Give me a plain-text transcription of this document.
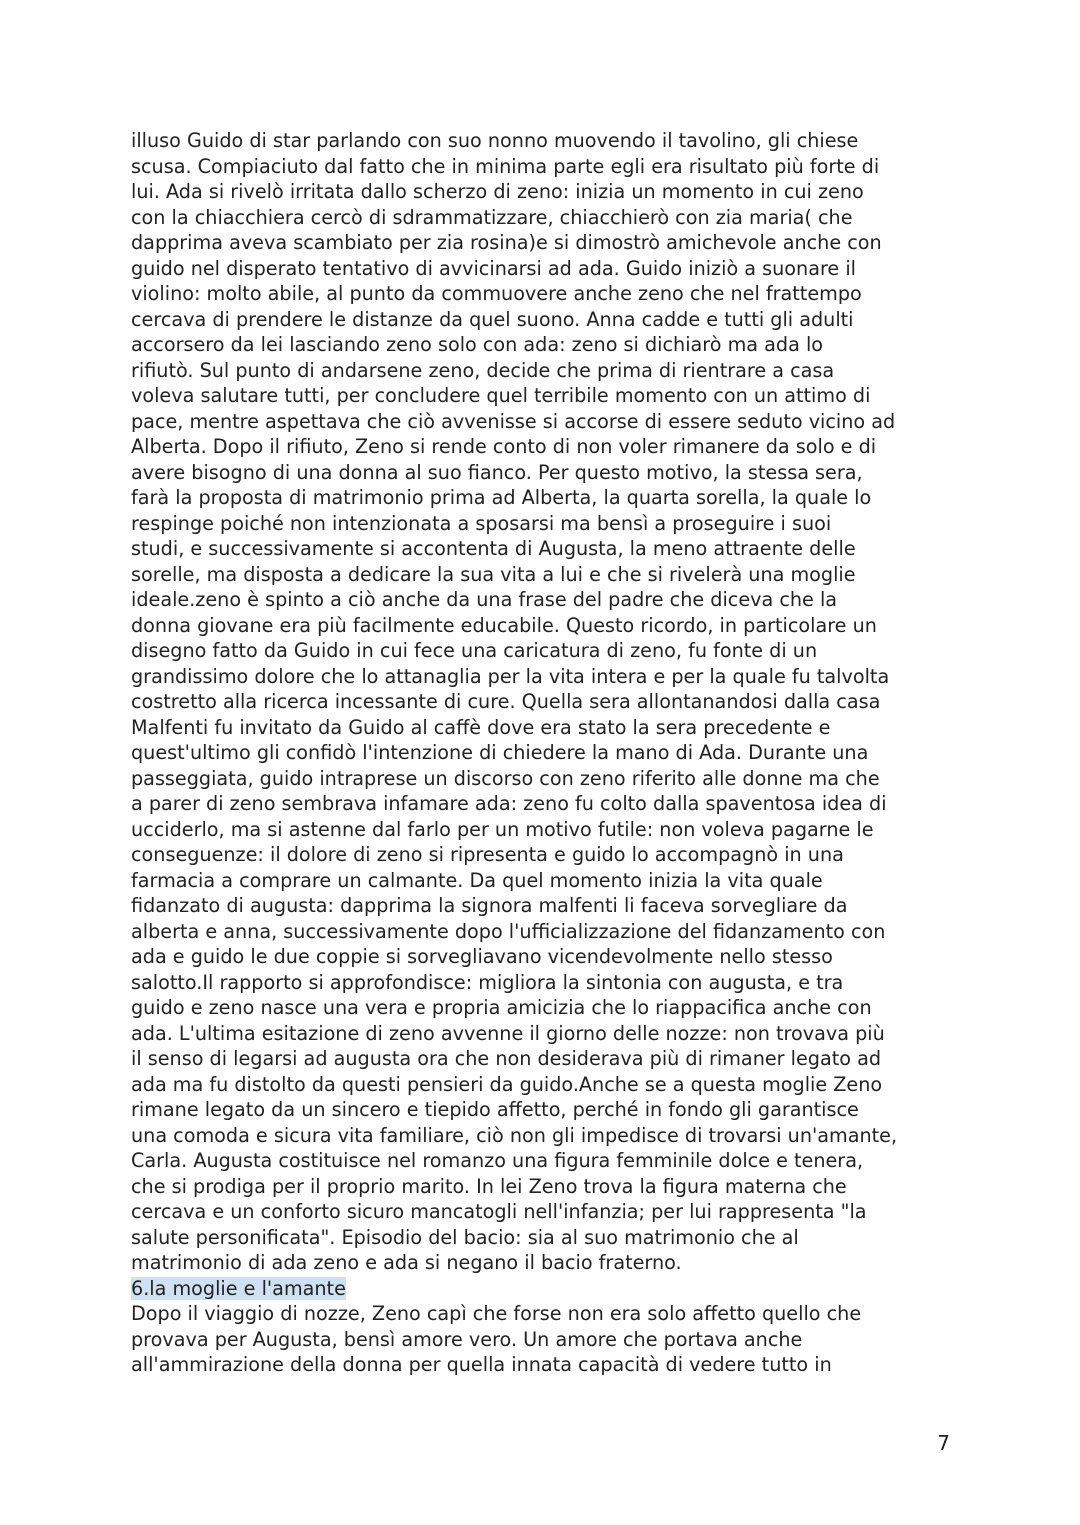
illuso Guido di star parlando con suo nonno muovendo il tavolino, gli chiese
scusa. Compiaciuto dal fatto che in minima parte egli era risultato più forte di
lui. Ada si rivelò irritata dallo scherzo di zeno: inizia un momento in cui zeno
con la chiacchiera cercò di sdrammatizzare, chiacchierò con zia maria( che
dapprima aveva scambiato per zia rosina)e si dimostrò amichevole anche con
guido nel disperato tentativo di avvicinarsi ad ada. Guido iniziò a suonare il
violino: molto abile, al punto da commuovere anche zeno che nel frattempo
cercava di prendere le distanze da quel suono. Anna cadde e tutti gli adulti
accorsero da lei lasciando zeno solo con ada: zeno si dichiarò ma ada lo
rifiutò. Sul punto di andarsene zeno, decide che prima di rientrare a casa
voleva salutare tutti, per concludere quel terribile momento con un attimo di
pace, mentre aspettava che ciò avvenisse si accorse di essere seduto vicino ad
Alberta. Dopo il rifiuto, Zeno si rende conto di non voler rimanere da solo e di
avere bisogno di una donna al suo fianco. Per questo motivo, la stessa sera,
farà la proposta di matrimonio prima ad Alberta, la quarta sorella, la quale lo
respinge poiché non intenzionata a sposarsi ma bensì a proseguire i suoi
studi, e successivamente si accontenta di Augusta, la meno attraente delle
sorelle, ma disposta a dedicare la sua vita a lui e che si rivelerà una moglie
ideale.zeno è spinto a ciò anche da una frase del padre che diceva che la
donna giovane era più facilmente educabile. Questo ricordo, in particolare un
disegno fatto da Guido in cui fece una caricatura di zeno, fu fonte di un
grandissimo dolore che lo attanaglia per la vita intera e per la quale fu talvolta
costretto alla ricerca incessante di cure. Quella sera allontanandosi dalla casa
Malfenti fu invitato da Guido al caffè dove era stato la sera precedente e
quest'ultimo gli confidò l'intenzione di chiedere la mano di Ada. Durante una
passeggiata, guido intraprese un discorso con zeno riferito alle donne ma che
a parer di zeno sembrava infamare ada: zeno fu colto dalla spaventosa idea di
ucciderlo, ma si astenne dal farlo per un motivo futile: non voleva pagarne le
conseguenze: il dolore di zeno si ripresenta e guido lo accompagnò in una
farmacia a comprare un calmante. Da quel momento inizia la vita quale
fidanzato di augusta: dapprima la signora malfenti li faceva sorvegliare da
alberta e anna, successivamente dopo l'ufficializzazione del fidanzamento con
ada e guido le due coppie si sorvegliavano vicendevolmente nello stesso
salotto.Il rapporto si approfondisce: migliora la sintonia con augusta, e tra
guido e zeno nasce una vera e propria amicizia che lo riappacifica anche con
ada. L'ultima esitazione di zeno avvenne il giorno delle nozze: non trovava più
il senso di legarsi ad augusta ora che non desiderava più di rimaner legato ad
ada ma fu distolto da questi pensieri da guido.Anche se a questa moglie Zeno
rimane legato da un sincero e tiepido affetto, perché in fondo gli garantisce
una comoda e sicura vita familiare, ciò non gli impedisce di trovarsi un'amante,
Carla. Augusta costituisce nel romanzo una figura femminile dolce e tenera,
che si prodiga per il proprio marito. In lei Zeno trova la figura materna che
cercava e un conforto sicuro mancatogli nell'infanzia; per lui rappresenta "la
salute personificata". Episodio del bacio: sia al suo matrimonio che al
matrimonio di ada zeno e ada si negano il bacio fraterno.
6.la moglie e l'amante
Dopo il viaggio di nozze, Zeno capì che forse non era solo affetto quello che
provava per Augusta, bensì amore vero. Un amore che portava anche
all'ammirazione della donna per quella innata capacità di vedere tutto in
7
